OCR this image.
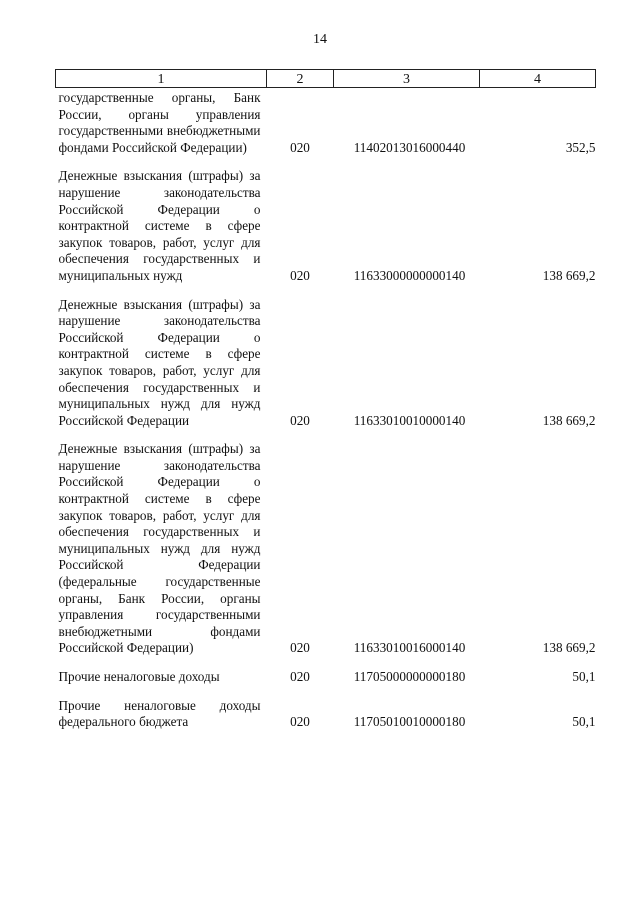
14
1	2	3	4
государственные органы, Банк России, органы управления государственными внебюджетными фондами Российской Федерации)	020	11402013016000440	352,5
Денежные взыскания (штрафы) за нарушение законодательства Российской Федерации о контрактной системе в сфере закупок товаров, работ, услуг для обеспечения государственных и муниципальных нужд	020	11633000000000140	138 669,2
Денежные взыскания (штрафы) за нарушение законодательства Российской Федерации о контрактной системе в сфере закупок товаров, работ, услуг для обеспечения государственных и муниципальных нужд для нужд Российской Федерации	020	11633010010000140	138 669,2
Денежные взыскания (штрафы) за нарушение законодательства Российской Федерации о контрактной системе в сфере закупок товаров, работ, услуг для обеспечения государственных и муниципальных нужд для нужд Российской Федерации (федеральные государственные органы, Банк России, органы управления государственными внебюджетными фондами Российской Федерации)	020	11633010016000140	138 669,2
Прочие неналоговые доходы	020	11705000000000180	50,1
Прочие неналоговые доходы федерального бюджета	020	11705010010000180	50,1
